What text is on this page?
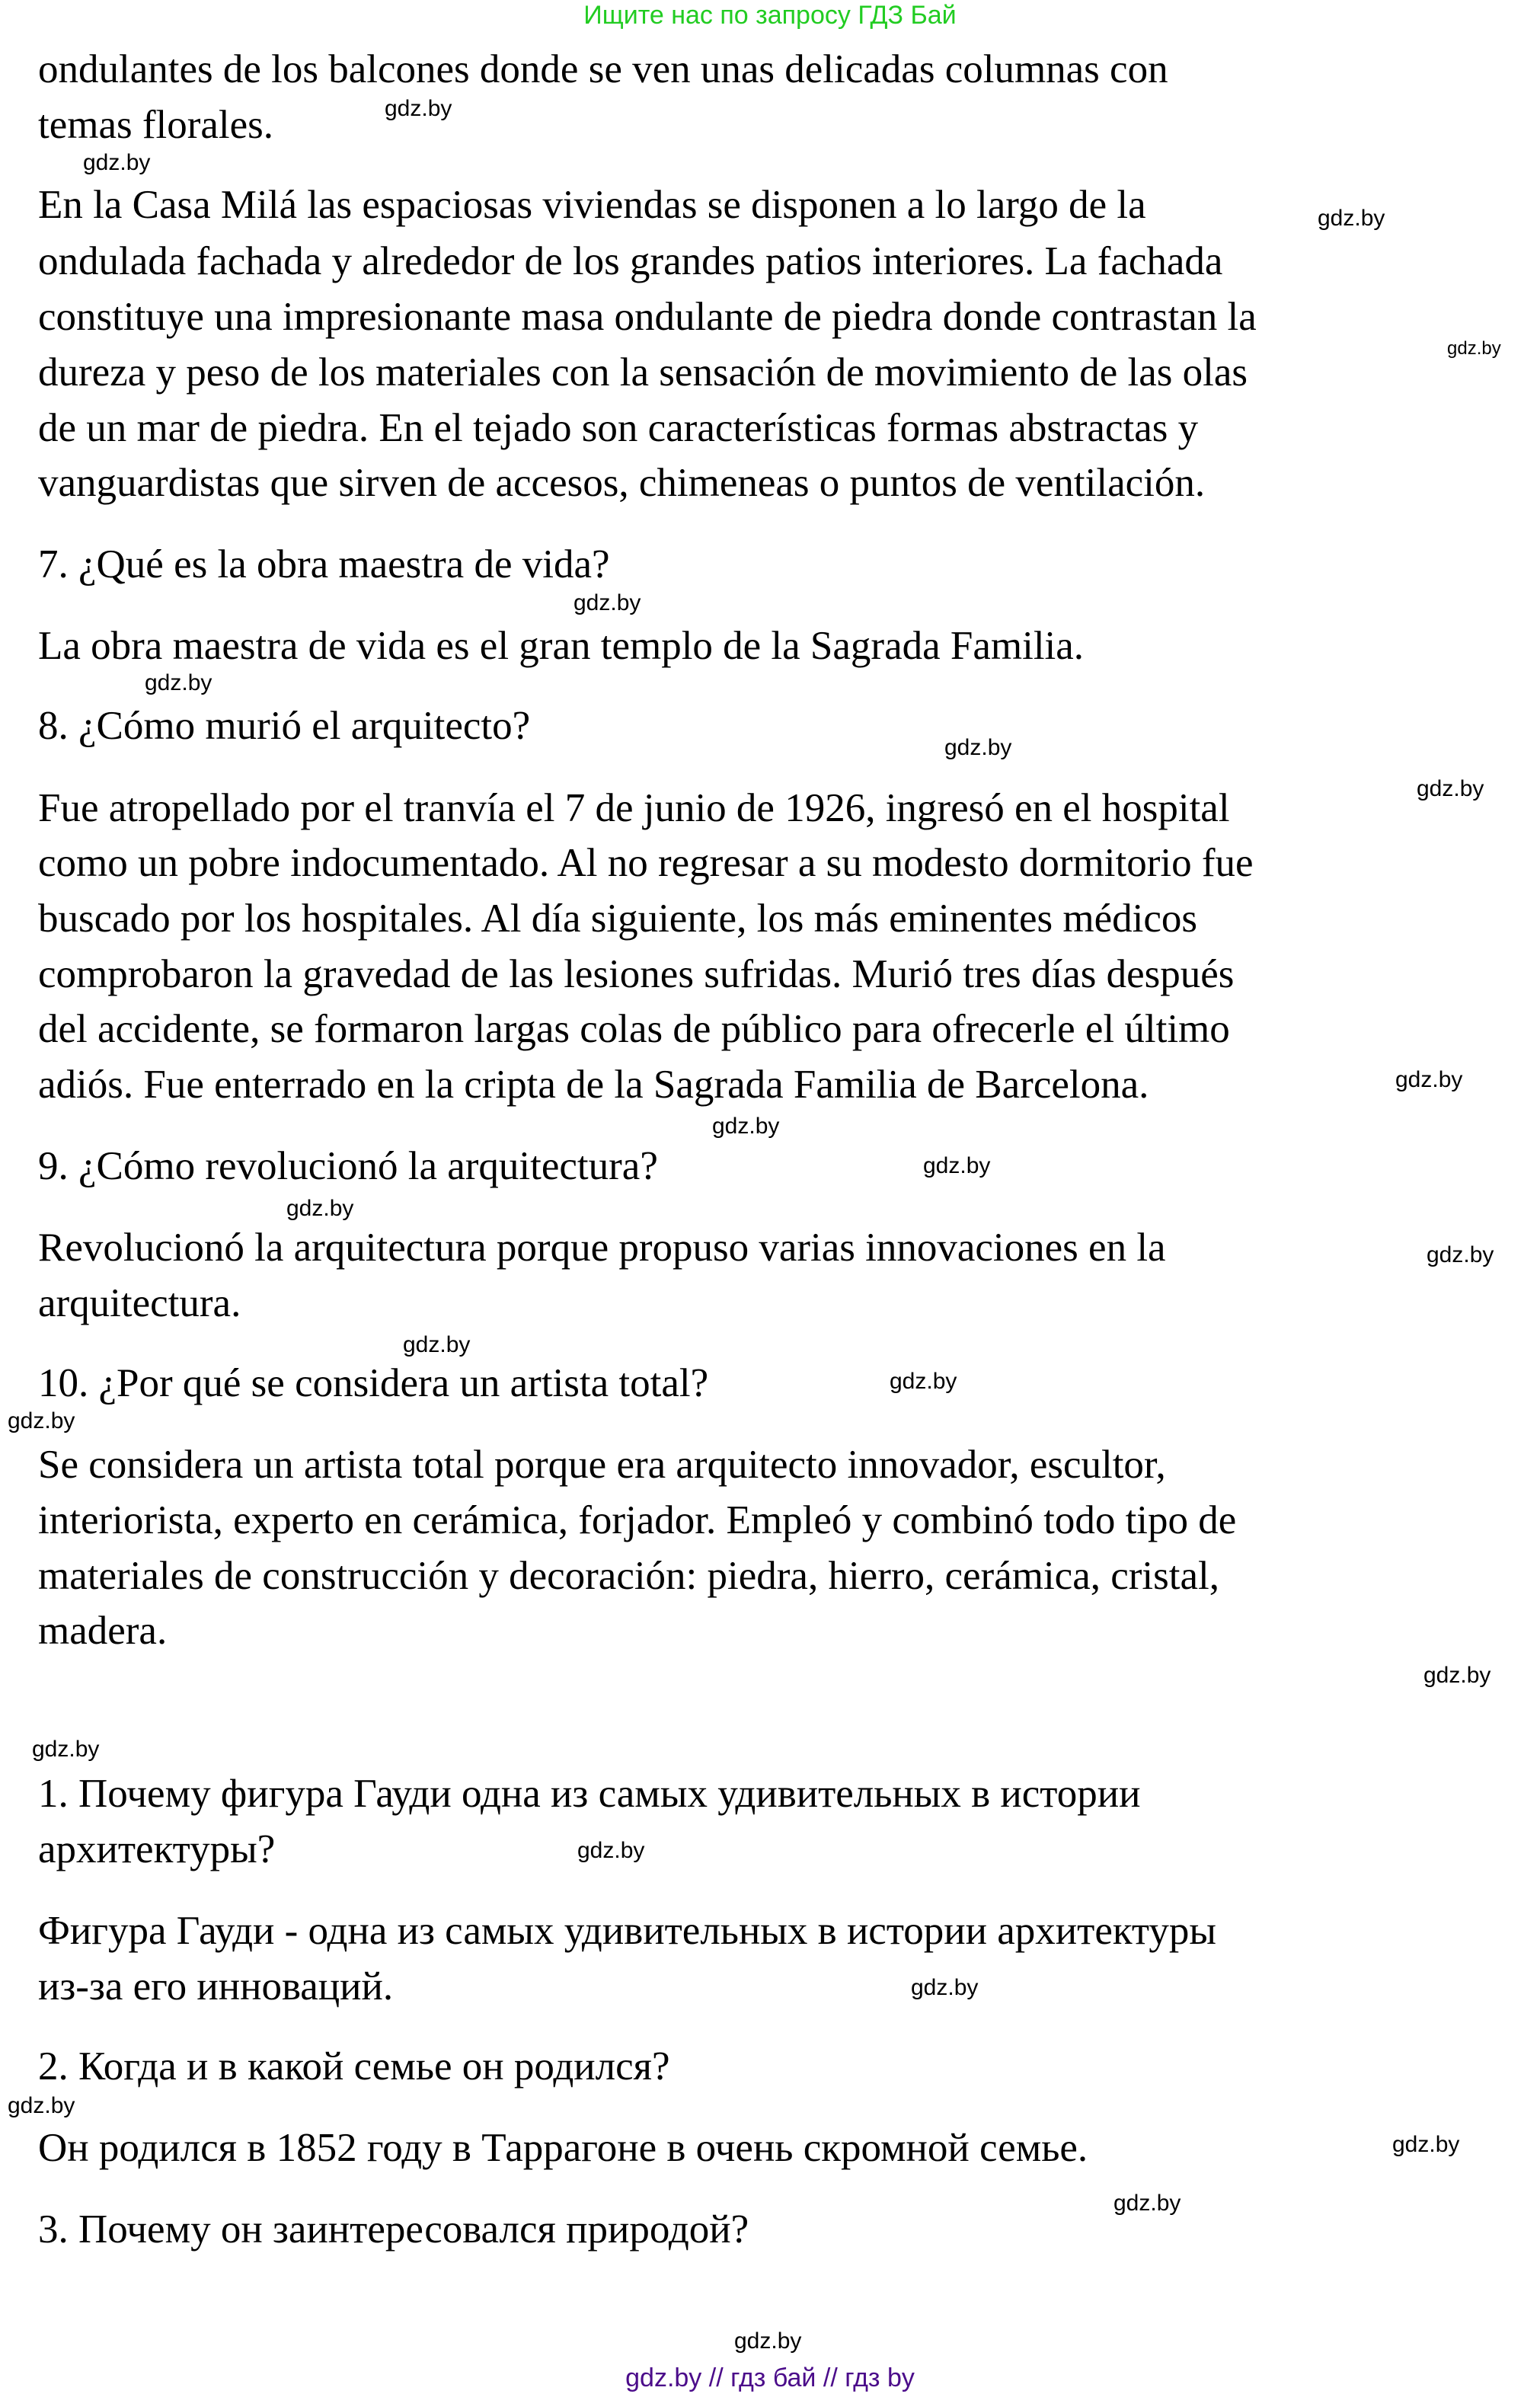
Ищите нас по запросу ГДЗ Бай
ondulantes de los balcones donde se ven unas delicadas columnas con
temas florales.
En la Casa Milá las espaciosas viviendas se disponen a lo largo de la
ondulada fachada y alrededor de los grandes patios interiores. La fachada
constituye una impresionante masa ondulante de piedra donde contrastan la
dureza y peso de los materiales con la sensación de movimiento de las olas
de un mar de piedra. En el tejado son características formas abstractas y
vanguardistas que sirven de accesos, chimeneas o puntos de ventilación.
7. ¿Qué es la obra maestra de vida?
La obra maestra de vida es el gran templo de la Sagrada Familia.
8. ¿Cómo murió el arquitecto?
Fue atropellado por el tranvía el 7 de junio de 1926, ingresó en el hospital
como un pobre indocumentado. Al no regresar a su modesto dormitorio fue
buscado por los hospitales. Al día siguiente, los más eminentes médicos
comprobaron la gravedad de las lesiones sufridas. Murió tres días después
del accidente, se formaron largas colas de público para ofrecerle el último
adiós. Fue enterrado en la cripta de la Sagrada Familia de Barcelona.
9. ¿Cómo revolucionó la arquitectura?
Revolucionó la arquitectura porque propuso varias innovaciones en la
arquitectura.
10. ¿Por qué se considera un artista total?
Se considera un artista total porque era arquitecto innovador, escultor,
interiorista, experto en cerámica, forjador. Empleó y combinó todo tipo de
materiales de construcción y decoración: piedra, hierro, cerámica, cristal,
madera.
1. Почему фигура Гауди одна из самых удивительных в истории
архитектуры?
Фигура Гауди - одна из самых удивительных в истории архитектуры
из-за его инноваций.
2. Когда и в какой семье он родился?
Он родился в 1852 году в Таррагоне в очень скромной семье.
3. Почему он заинтересовался природой?
gdz.by
gdz.by
gdz.by
gdz.by
gdz.by
gdz.by
gdz.by
gdz.by
gdz.by
gdz.by
gdz.by
gdz.by
gdz.by
gdz.by
gdz.by
gdz.by
gdz.by
gdz.by
gdz.by
gdz.by
gdz.by
gdz.by
gdz.by
gdz.by
gdz.by // гдз бай // гдз by
